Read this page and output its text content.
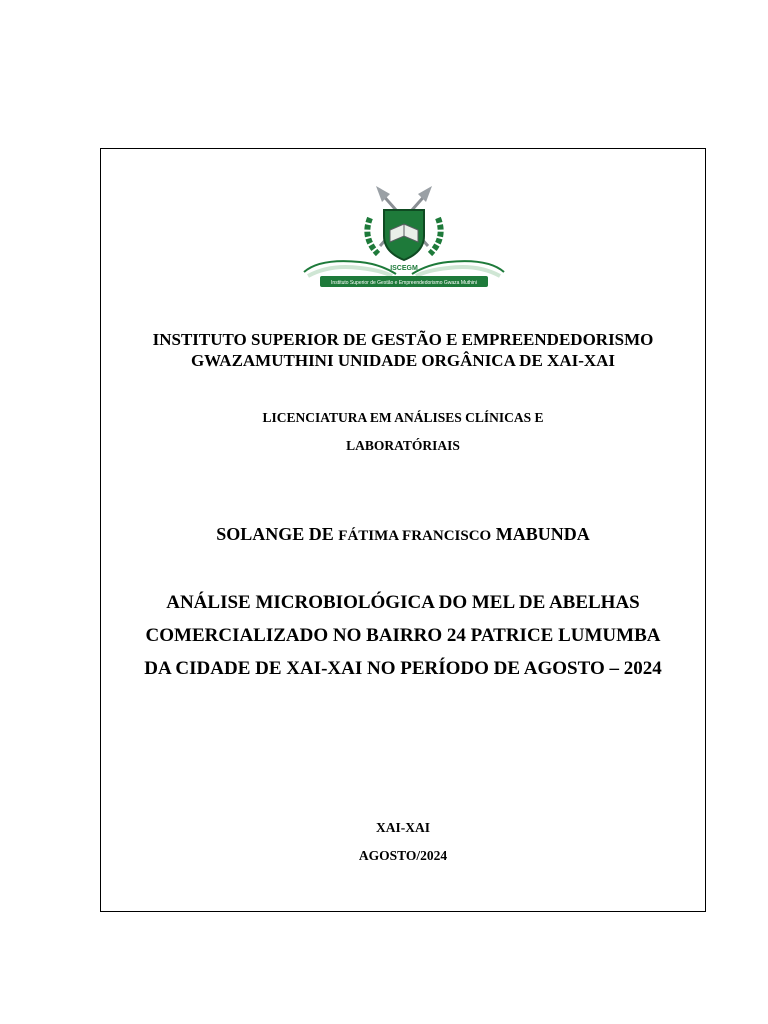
ISCEGM
Instituto Superior de Gestão e Empreendedorismo Gwaza Muthini
INSTITUTO SUPERIOR DE GESTÃO E EMPREENDEDORISMO
GWAZAMUTHINI UNIDADE ORGÂNICA DE XAI-XAI
LICENCIATURA EM ANÁLISES CLÍNICAS E
LABORATÓRIAIS
SOLANGE DE FÁTIMA FRANCISCO MABUNDA
ANÁLISE MICROBIOLÓGICA DO MEL DE ABELHAS
COMERCIALIZADO NO BAIRRO 24 PATRICE LUMUMBA
DA CIDADE DE XAI-XAI NO PERÍODO DE AGOSTO – 2024
XAI-XAI
AGOSTO/2024
